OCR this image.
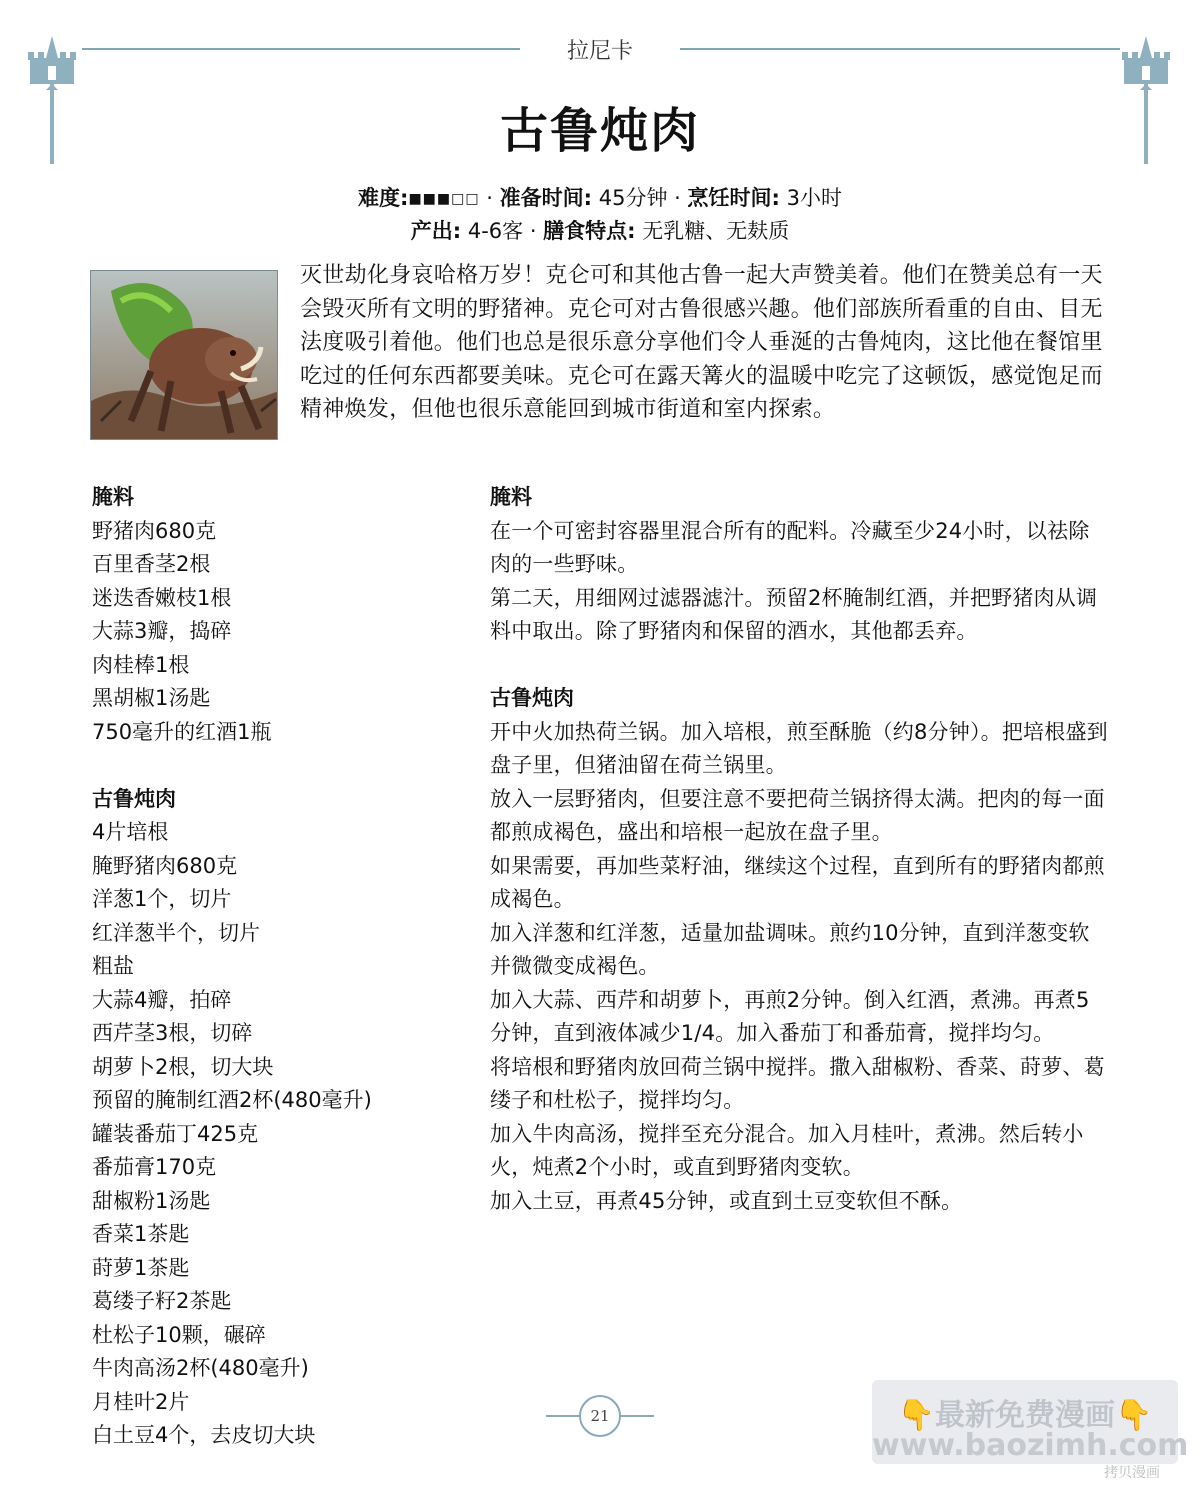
拉尼卡
古鲁炖肉
难度:■■■□□ · 准备时间: 45分钟 · 烹饪时间: 3小时
产出: 4-6客 · 膳食特点: 无乳糖、无麸质
灭世劫化身哀哈格万岁！克仑可和其他古鲁一起大声赞美着。他们在赞美总有一天会毁灭所有文明的野猪神。克仑可对古鲁很感兴趣。他们部族所看重的自由、目无法度吸引着他。他们也总是很乐意分享他们令人垂涎的古鲁炖肉，这比他在餐馆里吃过的任何东西都要美味。克仑可在露天篝火的温暖中吃完了这顿饭，感觉饱足而精神焕发，但他也很乐意能回到城市街道和室内探索。
腌料
野猪肉680克
百里香茎2根
迷迭香嫩枝1根
大蒜3瓣，捣碎
肉桂棒1根
黑胡椒1汤匙
750毫升的红酒1瓶
古鲁炖肉
4片培根
腌野猪肉680克
洋葱1个，切片
红洋葱半个，切片
粗盐
大蒜4瓣，拍碎
西芹茎3根，切碎
胡萝卜2根，切大块
预留的腌制红酒2杯(480毫升)
罐装番茄丁425克
番茄膏170克
甜椒粉1汤匙
香菜1茶匙
莳萝1茶匙
葛缕子籽2茶匙
杜松子10颗，碾碎
牛肉高汤2杯(480毫升)
月桂叶2片
白土豆4个，去皮切大块
腌料
在一个可密封容器里混合所有的配料。冷藏至少24小时，以祛除肉的一些野味。
第二天，用细网过滤器滤汁。预留2杯腌制红酒，并把野猪肉从调料中取出。除了野猪肉和保留的酒水，其他都丢弃。
古鲁炖肉
开中火加热荷兰锅。加入培根，煎至酥脆（约8分钟）。把培根盛到盘子里，但猪油留在荷兰锅里。
放入一层野猪肉，但要注意不要把荷兰锅挤得太满。把肉的每一面都煎成褐色，盛出和培根一起放在盘子里。
如果需要，再加些菜籽油，继续这个过程，直到所有的野猪肉都煎成褐色。
加入洋葱和红洋葱，适量加盐调味。煎约10分钟，直到洋葱变软并微微变成褐色。
加入大蒜、西芹和胡萝卜，再煎2分钟。倒入红酒，煮沸。再煮5分钟，直到液体减少1/4。加入番茄丁和番茄膏，搅拌均匀。
将培根和野猪肉放回荷兰锅中搅拌。撒入甜椒粉、香菜、莳萝、葛缕子和杜松子，搅拌均匀。
加入牛肉高汤，搅拌至充分混合。加入月桂叶，煮沸。然后转小火，炖煮2个小时，或直到野猪肉变软。
加入土豆，再煮45分钟，或直到土豆变软但不酥。
21	👇最新免费漫画👇
www.baozimh.com
拷贝漫画
